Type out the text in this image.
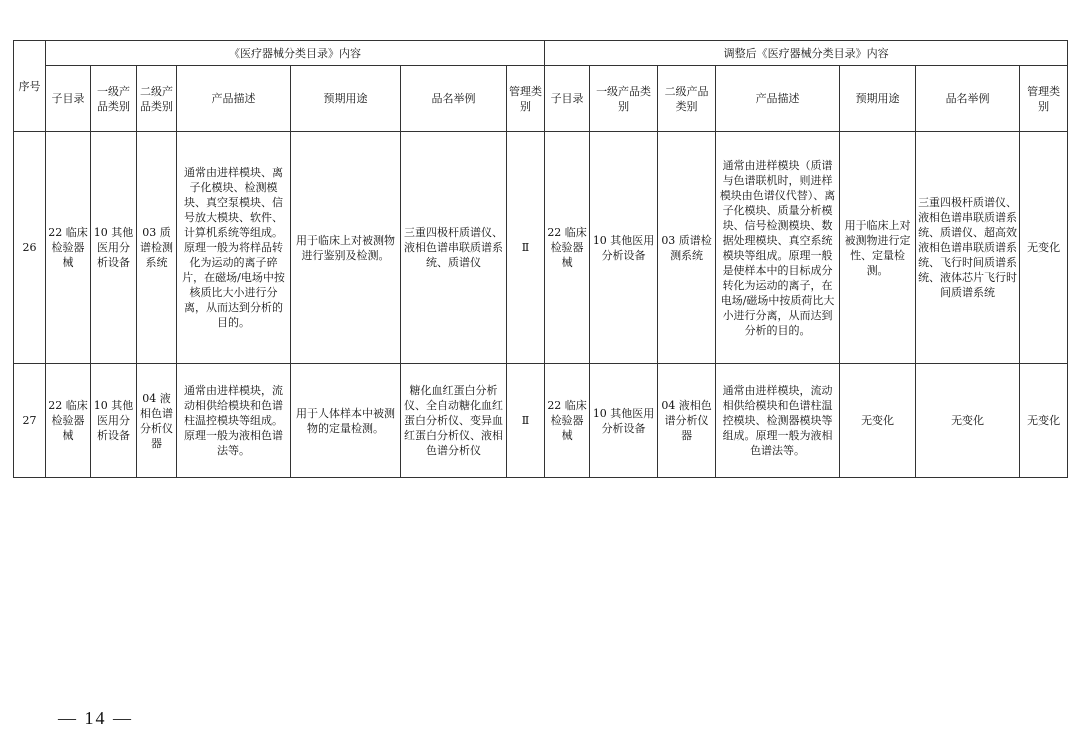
序号	《医疗器械分类目录》内容							调整后《医疗器械分类目录》内容						
	子目录	一级产品类别	二级产品类别	产品描述	预期用途	品名举例	管理类别	子目录	一级产品类别	二级产品类别	产品描述	预期用途	品名举例	管理类别
26	22 临床检验器械	10 其他医用分析设备	03 质谱检测系统	通常由进样模块、离子化模块、检测模块、真空泵模块、信号放大模块、软件、计算机系统等组成。原理一般为将样品转化为运动的离子碎片，在磁场/电场中按核质比大小进行分离，从而达到分析的目的。	用于临床上对被测物进行鉴别及检测。	三重四极杆质谱仪、液相色谱串联质谱系统、质谱仪	Ⅱ	22 临床检验器械	10 其他医用分析设备	03 质谱检测系统	通常由进样模块（质谱与色谱联机时，则进样模块由色谱仪代替）、离子化模块、质量分析模块、信号检测模块、数据处理模块、真空系统模块等组成。原理一般是使样本中的目标成分转化为运动的离子，在电场/磁场中按质荷比大小进行分离，从而达到分析的目的。	用于临床上对被测物进行定性、定量检测。	三重四极杆质谱仪、液相色谱串联质谱系统、质谱仪、超高效液相色谱串联质谱系统、飞行时间质谱系统、液体芯片飞行时间质谱系统	无变化
27	22 临床检验器械	10 其他医用分析设备	04 液相色谱分析仪器	通常由进样模块，流动相供给模块和色谱柱温控模块等组成。原理一般为液相色谱法等。	用于人体样本中被测物的定量检测。	糖化血红蛋白分析仪、全自动糖化血红蛋白分析仪、变异血红蛋白分析仪、液相色谱分析仪	Ⅱ	22 临床检验器械	10 其他医用分析设备	04 液相色谱分析仪器	通常由进样模块，流动相供给模块和色谱柱温控模块、检测器模块等组成。原理一般为液相色谱法等。	无变化	无变化	无变化
— 14 —
